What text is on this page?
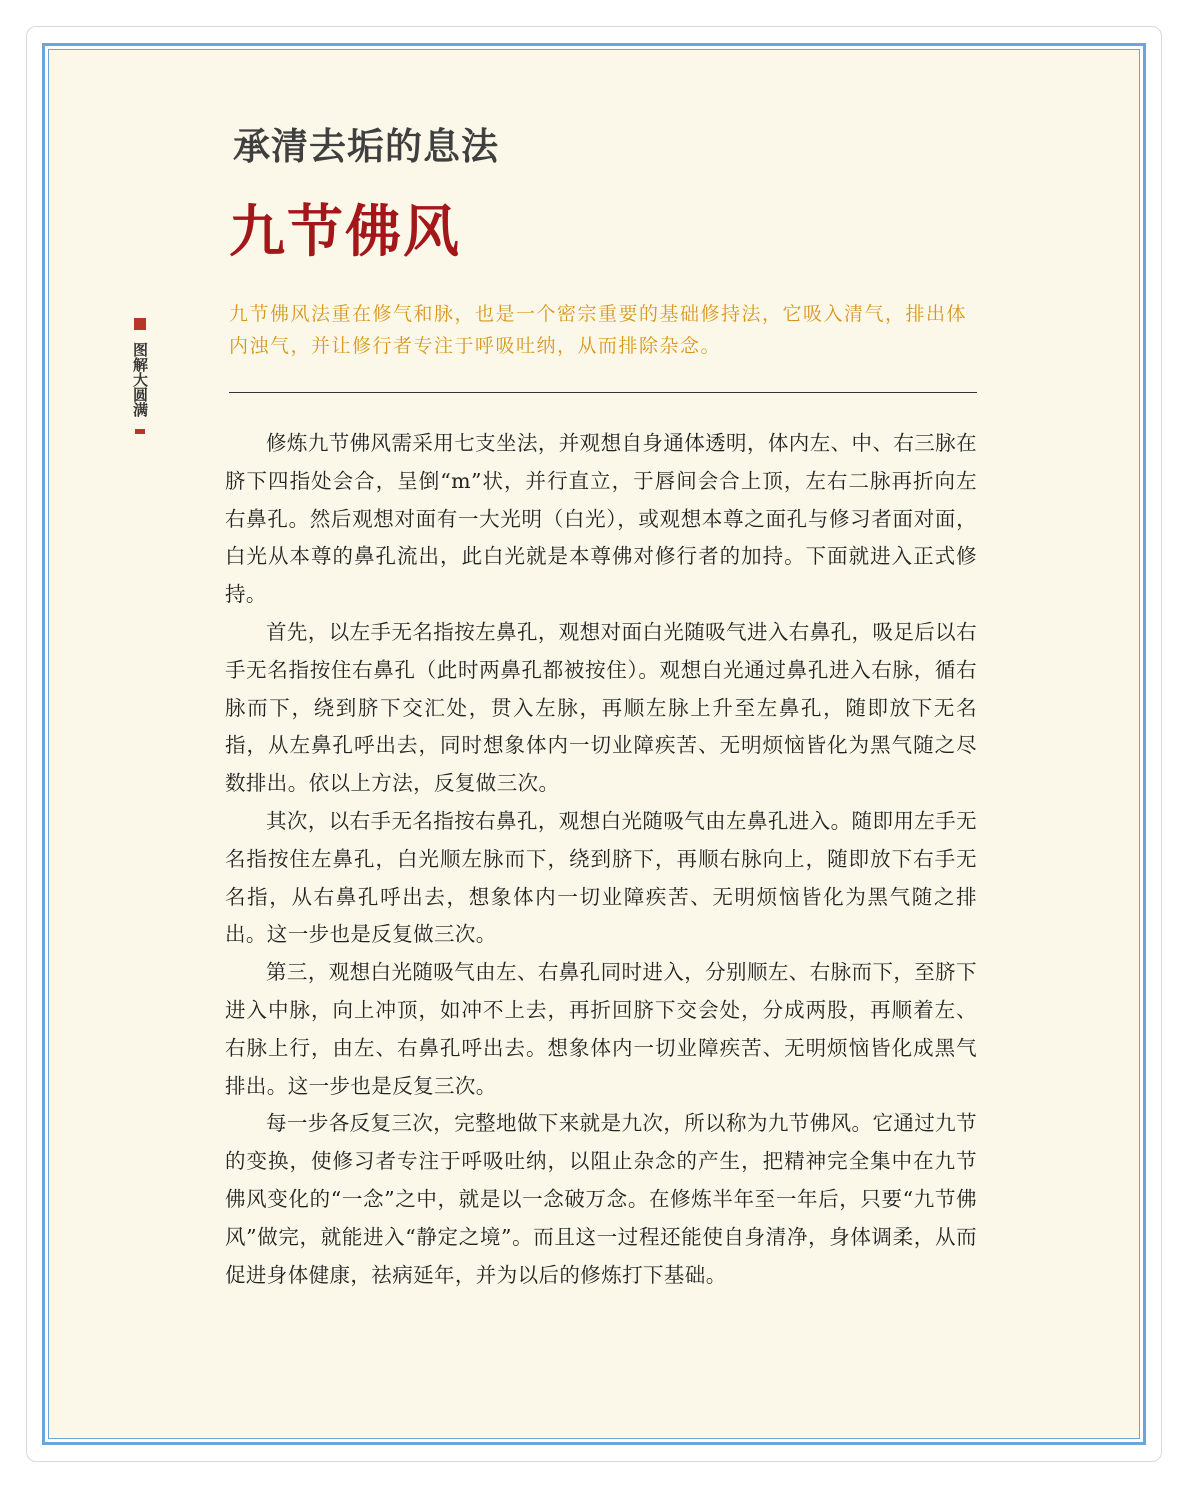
承清去垢的息法
九节佛风
图解大圆满
九节佛风法重在修气和脉，也是一个密宗重要的基础修持法，它吸入清气，排出体内浊气，并让修行者专注于呼吸吐纳，从而排除杂念。

修炼九节佛风需采用七支坐法，并观想自身通体透明，体内左、中、右三脉在脐下四指处会合，呈倒“m”状，并行直立，于唇间会合上顶，左右二脉再折向左右鼻孔。然后观想对面有一大光明（白光），或观想本尊之面孔与修习者面对面，白光从本尊的鼻孔流出，此白光就是本尊佛对修行者的加持。下面就进入正式修持。

首先，以左手无名指按左鼻孔，观想对面白光随吸气进入右鼻孔，吸足后以右手无名指按住右鼻孔（此时两鼻孔都被按住）。观想白光通过鼻孔进入右脉，循右脉而下，绕到脐下交汇处，贯入左脉，再顺左脉上升至左鼻孔，随即放下无名指，从左鼻孔呼出去，同时想象体内一切业障疾苦、无明烦恼皆化为黑气随之尽数排出。依以上方法，反复做三次。

其次，以右手无名指按右鼻孔，观想白光随吸气由左鼻孔进入。随即用左手无名指按住左鼻孔，白光顺左脉而下，绕到脐下，再顺右脉向上，随即放下右手无名指，从右鼻孔呼出去，想象体内一切业障疾苦、无明烦恼皆化为黑气随之排出。这一步也是反复做三次。

第三，观想白光随吸气由左、右鼻孔同时进入，分别顺左、右脉而下，至脐下进入中脉，向上冲顶，如冲不上去，再折回脐下交会处，分成两股，再顺着左、右脉上行，由左、右鼻孔呼出去。想象体内一切业障疾苦、无明烦恼皆化成黑气排出。这一步也是反复三次。

每一步各反复三次，完整地做下来就是九次，所以称为九节佛风。它通过九节的变换，使修习者专注于呼吸吐纳，以阻止杂念的产生，把精神完全集中在九节佛风变化的“一念”之中，就是以一念破万念。在修炼半年至一年后，只要“九节佛风”做完，就能进入“静定之境”。而且这一过程还能使自身清净，身体调柔，从而促进身体健康，祛病延年，并为以后的修炼打下基础。
